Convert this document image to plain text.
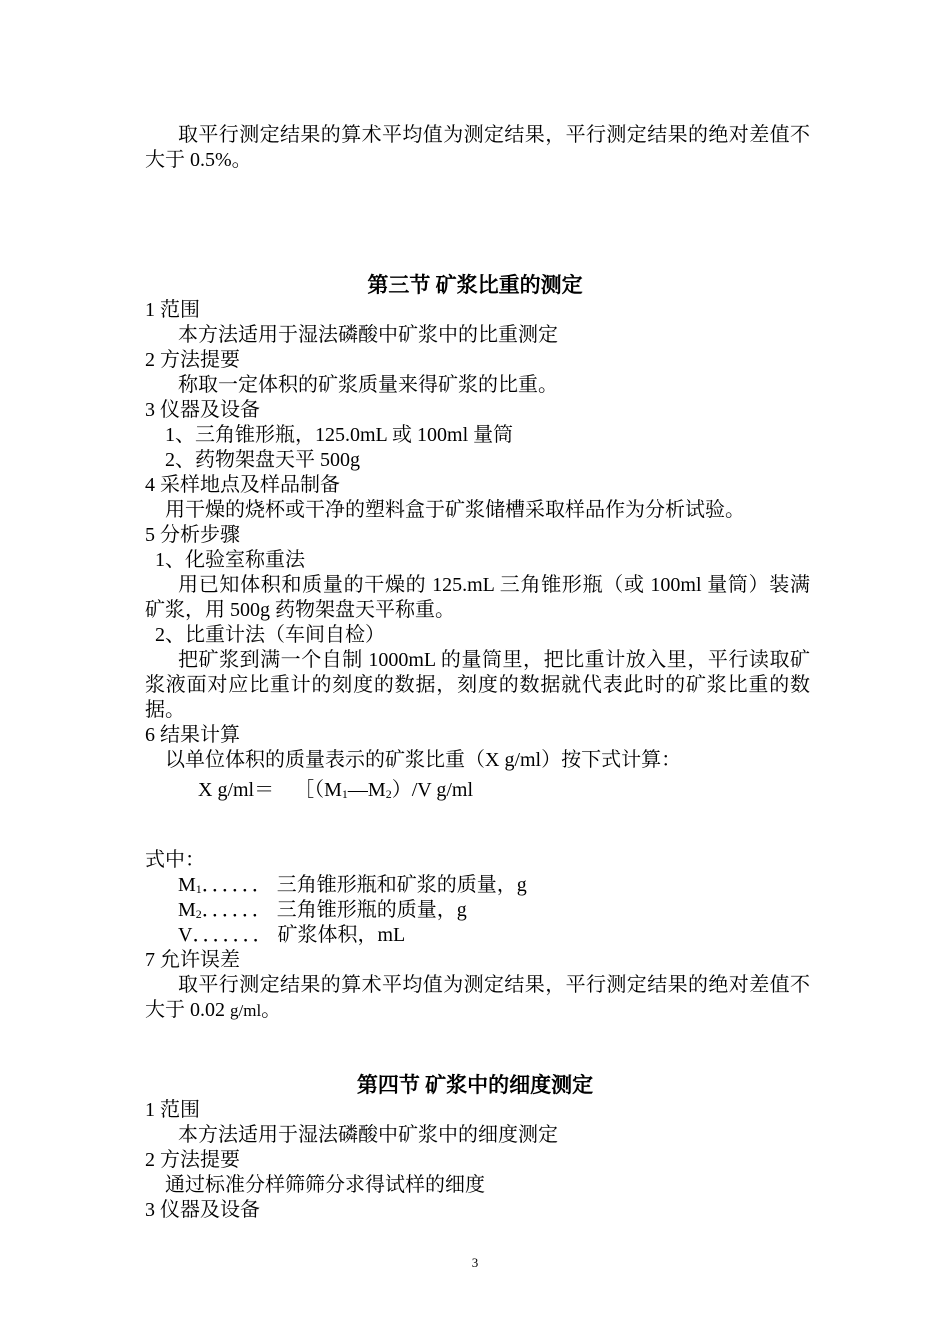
取平行测定结果的算术平均值为测定结果，平行测定结果的绝对差值不大于 0.5%。
第三节 矿浆比重的测定
1 范围
本方法适用于湿法磷酸中矿浆中的比重测定
2 方法提要
称取一定体积的矿浆质量来得矿浆的比重。
3 仪器及设备
1、三角锥形瓶，125.0mL 或 100ml 量筒
2、药物架盘天平 500g
4 采样地点及样品制备
用干燥的烧杯或干净的塑料盒于矿浆储槽采取样品作为分析试验。
5 分析步骤
1、化验室称重法
用已知体积和质量的干燥的 125.mL 三角锥形瓶（或 100ml 量筒）装满矿浆，用 500g 药物架盘天平称重。
2、比重计法（车间自检）
把矿浆到满一个自制 1000mL 的量筒里，把比重计放入里，平行读取矿浆液面对应比重计的刻度的数据，刻度的数据就代表此时的矿浆比重的数据。
6 结果计算
以单位体积的质量表示的矿浆比重（X g/ml）按下式计算：
X $g/ml= [(M_1—M_2)/V$ g/ml
式中：
$M_1$．．．．．． 三角锥形瓶和矿浆的质量，g
$M_2$．．．．．． 三角锥形瓶的质量，g
V．．．．．．． 矿浆体积，mL
7 允许误差
取平行测定结果的算术平均值为测定结果，平行测定结果的绝对差值不大于 0.02 g/ml。
第四节 矿浆中的细度测定
1 范围
本方法适用于湿法磷酸中矿浆中的细度测定
2 方法提要
通过标准分样筛筛分求得试样的细度
3 仪器及设备
3
